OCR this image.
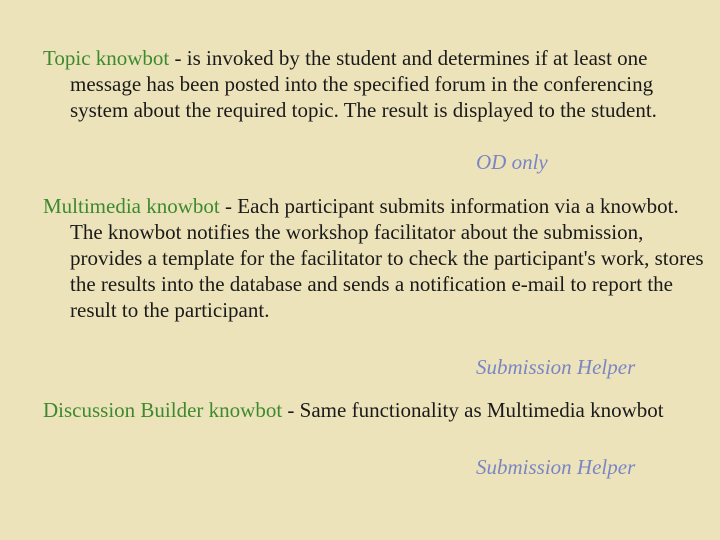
Topic knowbot - is invoked by the student and determines if at least one message has been posted into the specified forum in the conferencing system about the required topic. The result is displayed to the student.
OD only
Multimedia knowbot - Each participant submits information via a knowbot. The knowbot notifies the workshop facilitator about the submission, provides a template for the facilitator to check the participant's work, stores the results into the database and sends a notification e-mail to report the result to the participant.
Submission Helper
Discussion Builder knowbot - Same functionality as Multimedia knowbot
Submission Helper
